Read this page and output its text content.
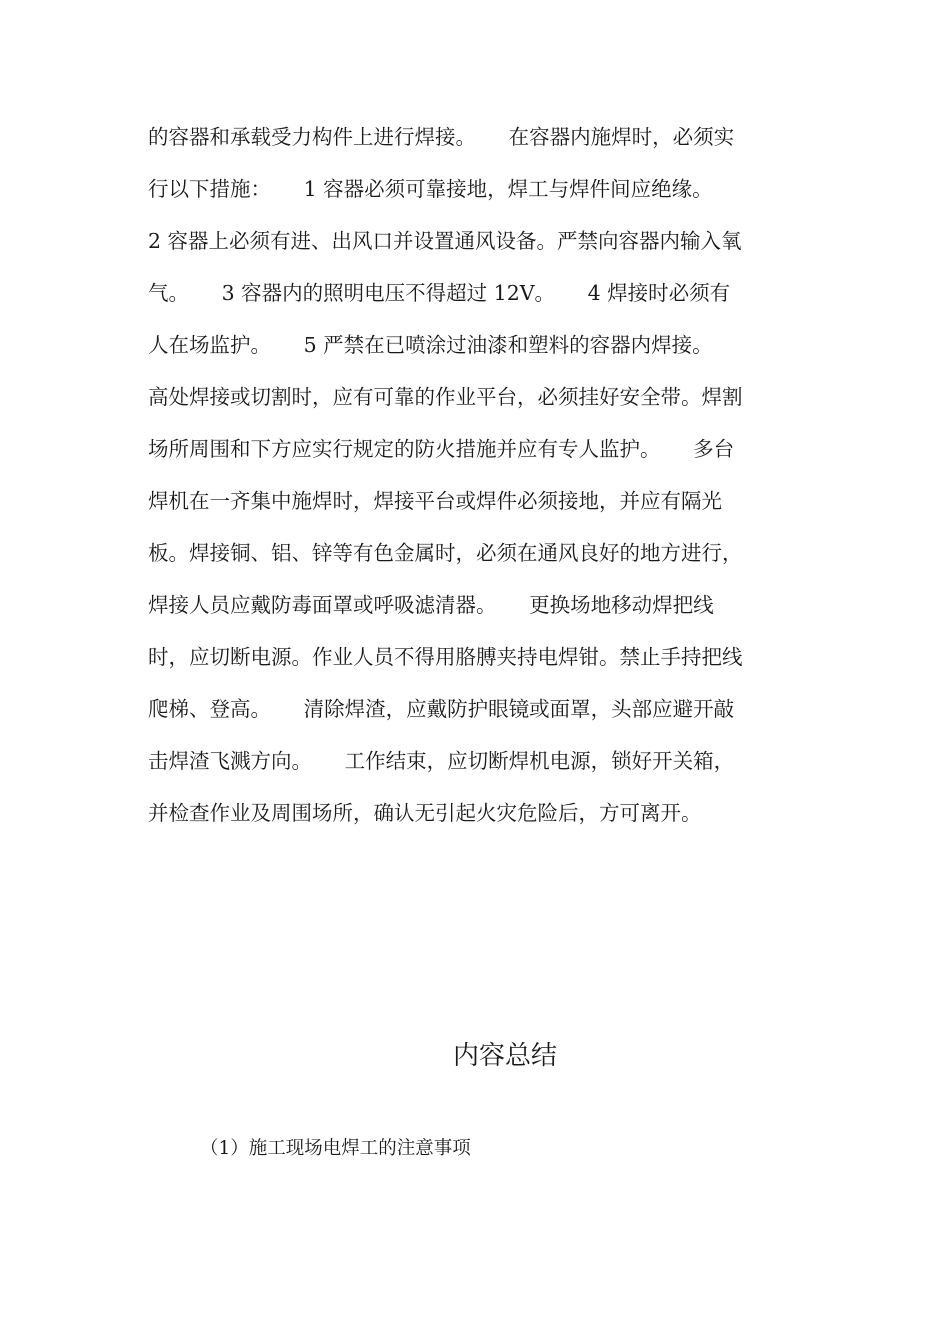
的容器和承载受力构件上进行焊接。     在容器内施焊时，必须实
行以下措施：     1 容器必须可靠接地，焊工与焊件间应绝缘。
2 容器上必须有进、出风口并设置通风设备。严禁向容器内输入氧
气。     3 容器内的照明电压不得超过 12V。     4 焊接时必须有
人在场监护。     5 严禁在已喷涂过油漆和塑料的容器内焊接。
高处焊接或切割时，应有可靠的作业平台，必须挂好安全带。焊割
场所周围和下方应实行规定的防火措施并应有专人监护。     多台
焊机在一齐集中施焊时，焊接平台或焊件必须接地，并应有隔光
板。焊接铜、铝、锌等有色金属时，必须在通风良好的地方进行，
焊接人员应戴防毒面罩或呼吸滤清器。     更换场地移动焊把线
时，应切断电源。作业人员不得用胳膊夹持电焊钳。禁止手持把线
爬梯、登高。     清除焊渣，应戴防护眼镜或面罩，头部应避开敲
击焊渣飞溅方向。     工作结束，应切断焊机电源，锁好开关箱，
并检查作业及周围场所，确认无引起火灾危险后，方可离开。
内容总结
（1）施工现场电焊工的注意事项
